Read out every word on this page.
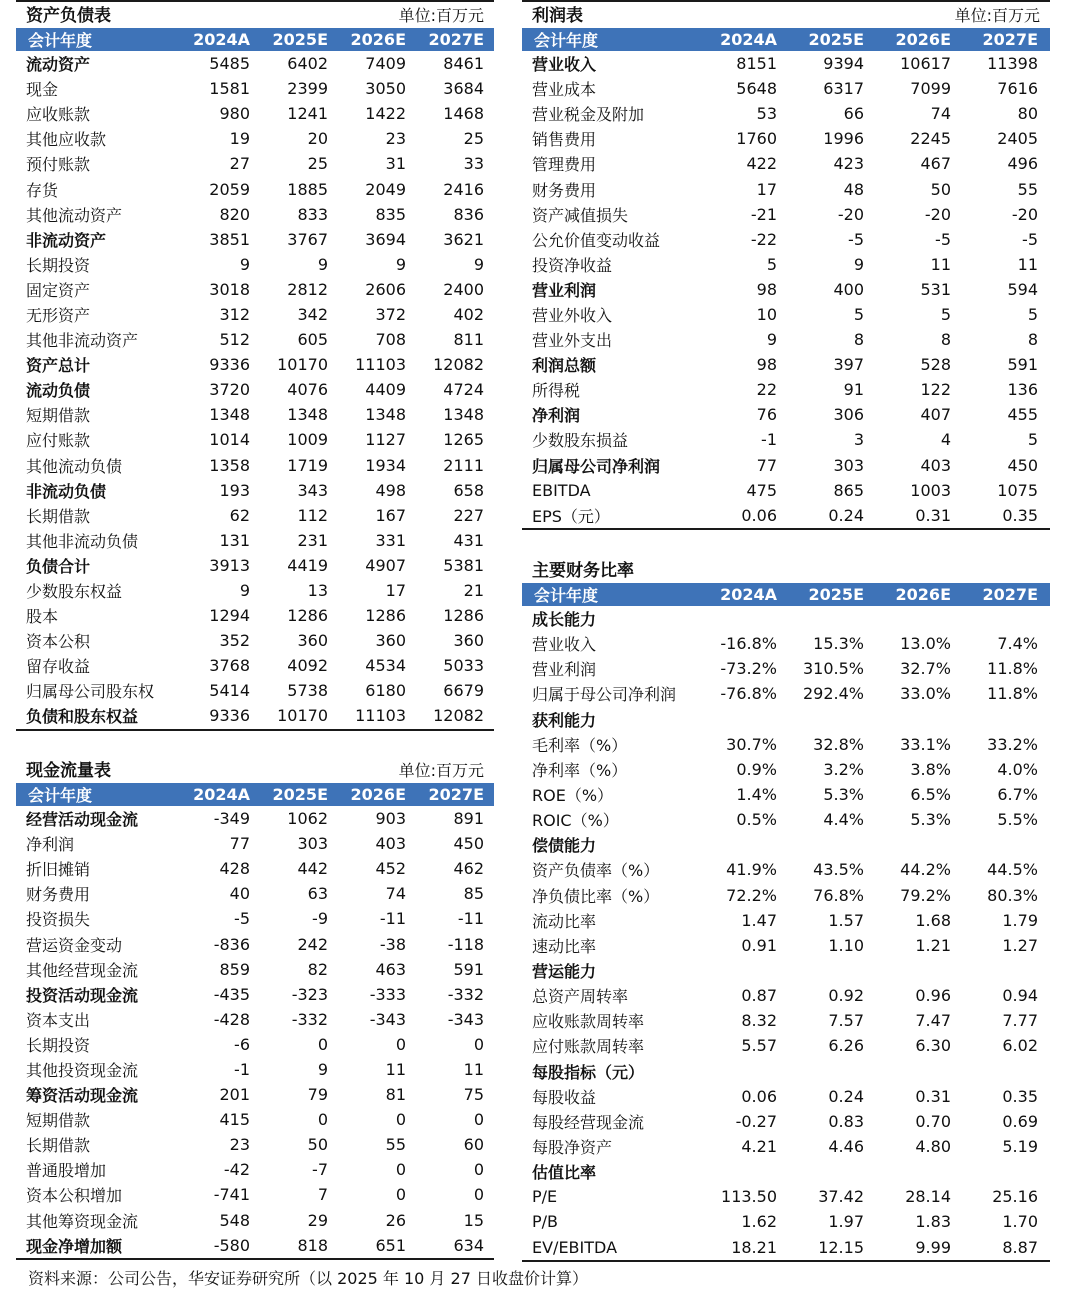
资产负债表	单位:百万元
会计年度	2024A	2025E	2026E	2027E
流动资产	5485	6402	7409	8461
现金	1581	2399	3050	3684
应收账款	980	1241	1422	1468
其他应收款	19	20	23	25
预付账款	27	25	31	33
存货	2059	1885	2049	2416
其他流动资产	820	833	835	836
非流动资产	3851	3767	3694	3621
长期投资	9	9	9	9
固定资产	3018	2812	2606	2400
无形资产	312	342	372	402
其他非流动资产	512	605	708	811
资产总计	9336	10170	11103	12082
流动负债	3720	4076	4409	4724
短期借款	1348	1348	1348	1348
应付账款	1014	1009	1127	1265
其他流动负债	1358	1719	1934	2111
非流动负债	193	343	498	658
长期借款	62	112	167	227
其他非流动负债	131	231	331	431
负债合计	3913	4419	4907	5381
少数股东权益	9	13	17	21
股本	1294	1286	1286	1286
资本公积	352	360	360	360
留存收益	3768	4092	4534	5033
归属母公司股东权	5414	5738	6180	6679
负债和股东权益	9336	10170	11103	12082
现金流量表	单位:百万元
会计年度	2024A	2025E	2026E	2027E
经营活动现金流	-349	1062	903	891
净利润	77	303	403	450
折旧摊销	428	442	452	462
财务费用	40	63	74	85
投资损失	-5	-9	-11	-11
营运资金变动	-836	242	-38	-118
其他经营现金流	859	82	463	591
投资活动现金流	-435	-323	-333	-332
资本支出	-428	-332	-343	-343
长期投资	-6	0	0	0
其他投资现金流	-1	9	11	11
筹资活动现金流	201	79	81	75
短期借款	415	0	0	0
长期借款	23	50	55	60
普通股增加	-42	-7	0	0
资本公积增加	-741	7	0	0
其他筹资现金流	548	29	26	15
现金净增加额	-580	818	651	634
利润表	单位:百万元
会计年度	2024A	2025E	2026E	2027E
营业收入	8151	9394	10617	11398
营业成本	5648	6317	7099	7616
营业税金及附加	53	66	74	80
销售费用	1760	1996	2245	2405
管理费用	422	423	467	496
财务费用	17	48	50	55
资产减值损失	-21	-20	-20	-20
公允价值变动收益	-22	-5	-5	-5
投资净收益	5	9	11	11
营业利润	98	400	531	594
营业外收入	10	5	5	5
营业外支出	9	8	8	8
利润总额	98	397	528	591
所得税	22	91	122	136
净利润	76	306	407	455
少数股东损益	-1	3	4	5
归属母公司净利润	77	303	403	450
EBITDA	475	865	1003	1075
EPS（元）	0.06	0.24	0.31	0.35
主要财务比率
会计年度	2024A	2025E	2026E	2027E
成长能力
营业收入	-16.8%	15.3%	13.0%	7.4%
营业利润	-73.2%	310.5%	32.7%	11.8%
归属于母公司净利润	-76.8%	292.4%	33.0%	11.8%
获利能力
毛利率（%）	30.7%	32.8%	33.1%	33.2%
净利率（%）	0.9%	3.2%	3.8%	4.0%
ROE（%）	1.4%	5.3%	6.5%	6.7%
ROIC（%）	0.5%	4.4%	5.3%	5.5%
偿债能力
资产负债率（%）	41.9%	43.5%	44.2%	44.5%
净负债比率（%）	72.2%	76.8%	79.2%	80.3%
流动比率	1.47	1.57	1.68	1.79
速动比率	0.91	1.10	1.21	1.27
营运能力
总资产周转率	0.87	0.92	0.96	0.94
应收账款周转率	8.32	7.57	7.47	7.77
应付账款周转率	5.57	6.26	6.30	6.02
每股指标（元）
每股收益	0.06	0.24	0.31	0.35
每股经营现金流	-0.27	0.83	0.70	0.69
每股净资产	4.21	4.46	4.80	5.19
估值比率
P/E	113.50	37.42	28.14	25.16
P/B	1.62	1.97	1.83	1.70
EV/EBITDA	18.21	12.15	9.99	8.87
资料来源：公司公告，华安证券研究所（以 2025 年 10 月 27 日收盘价计算）
